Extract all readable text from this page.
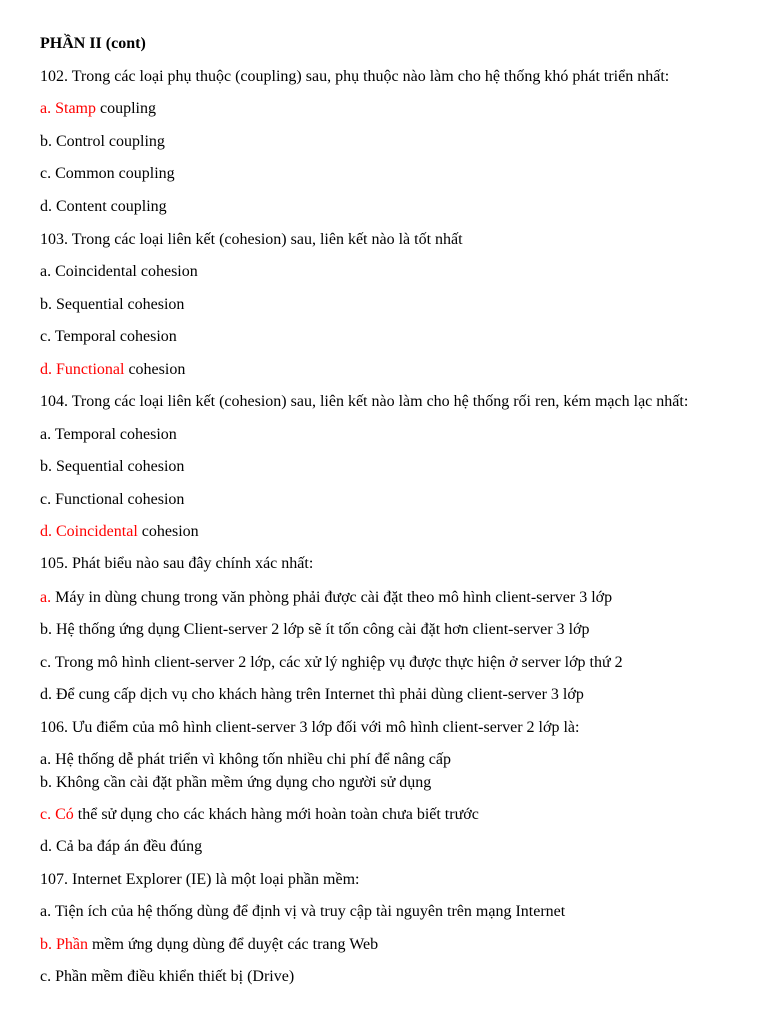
PHẦN II (cont)
102. Trong các loại phụ thuộc (coupling) sau, phụ thuộc nào làm cho hệ thống khó phát triển nhất:
a. Stamp coupling
b. Control coupling
c. Common coupling
d. Content coupling
103. Trong các loại liên kết (cohesion) sau, liên kết nào là tốt nhất
a. Coincidental cohesion
b. Sequential cohesion
c. Temporal cohesion
d. Functional cohesion
104. Trong các loại liên kết (cohesion) sau, liên kết nào làm cho hệ thống rối ren, kém mạch lạc nhất:
a. Temporal cohesion
b. Sequential cohesion
c. Functional cohesion
d. Coincidental cohesion
105. Phát biểu nào sau đây chính xác nhất:
a. Máy in dùng chung trong văn phòng phải được cài đặt theo mô hình client-server 3 lớp
b. Hệ thống ứng dụng Client-server 2 lớp sẽ ít tốn công cài đặt hơn client-server 3 lớp
c. Trong mô hình client-server 2 lớp, các xử lý nghiệp vụ được thực hiện ở server lớp thứ 2
d. Để cung cấp dịch vụ cho khách hàng trên Internet thì phải dùng client-server 3 lớp
106. Ưu điểm của mô hình client-server 3 lớp đối với mô hình client-server 2 lớp là:
a. Hệ thống dễ phát triển vì không tốn nhiều chi phí để nâng cấp
b. Không cần cài đặt phần mềm ứng dụng cho người sử dụng
c. Có thể sử dụng cho các khách hàng mới hoàn toàn chưa biết trước
d. Cả ba đáp án đều đúng
107. Internet Explorer (IE) là một loại phần mềm:
a. Tiện ích của hệ thống dùng để định vị và truy cập tài nguyên trên mạng Internet
b. Phần mềm ứng dụng dùng để duyệt các trang Web
c. Phần mềm điều khiển thiết bị (Drive)
